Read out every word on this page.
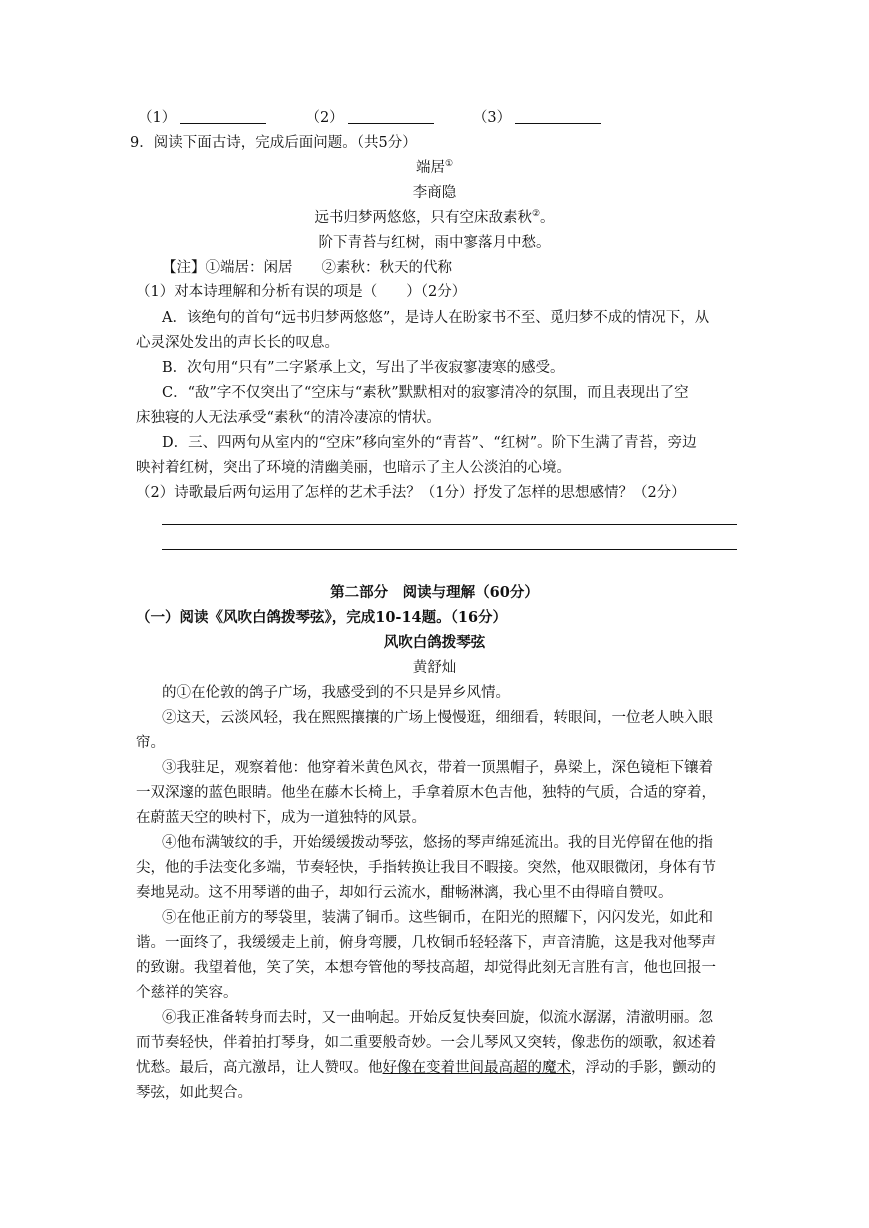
（1）	（2）	（3）
9．阅读下面古诗，完成后面问题。（共5分）
端居①
李商隐
远书归梦两悠悠，只有空床敌素秋②。
阶下青苔与红树，雨中寥落月中愁。
【注】①端居：闲居　　②素秋：秋天的代称
（1）对本诗理解和分析有误的项是（　　）（2分）
A．该绝句的首句“远书归梦两悠悠”，是诗人在盼家书不至、觅归梦不成的情况下，从
心灵深处发出的声长长的叹息。
B．次句用“只有”二字紧承上文，写出了半夜寂寥凄寒的感受。
C．“敌”字不仅突出了“空床与“素秋”默默相对的寂寥清冷的氛围，而且表现出了空
床独寝的人无法承受“素秋“的清冷凄凉的情状。
D．三、四两句从室内的“空床”移向室外的“青苔”、“红树”。阶下生满了青苔，旁边
映衬着红树，突出了环境的清幽美丽，也暗示了主人公淡泊的心境。
（2）诗歌最后两句运用了怎样的艺术手法？（1分）抒发了怎样的思想感情？（2分）
第二部分　阅读与理解（60分）
（一）阅读《风吹白鸽拨琴弦》，完成10-14题。（16分）
风吹白鸽拨琴弦
黄舒灿
的①在伦敦的鸽子广场，我感受到的不只是异乡风情。
②这天，云淡风轻，我在熙熙攘攘的广场上慢慢逛，细细看，转眼间，一位老人映入眼
帘。
③我驻足，观察着他：他穿着米黄色风衣，带着一顶黑帽子，鼻梁上，深色镜柜下镶着
一双深邃的蓝色眼睛。他坐在藤木长椅上，手拿着原木色吉他，独特的气质，合适的穿着，
在蔚蓝天空的映村下，成为一道独特的风景。
④他布满皱纹的手，开始缓缓拨动琴弦，悠扬的琴声绵延流出。我的目光停留在他的指
尖，他的手法变化多端，节奏轻快，手指转换让我目不暇接。突然，他双眼微闭，身体有节
奏地晃动。这不用琴谱的曲子，却如行云流水，酣畅淋漓，我心里不由得暗自赞叹。
⑤在他正前方的琴袋里，装满了铜币。这些铜币，在阳光的照耀下，闪闪发光，如此和
谐。一面终了，我缓缓走上前，俯身弯腰，几枚铜币轻轻落下，声音清脆，这是我对他琴声
的致谢。我望着他，笑了笑，本想夸管他的琴技高超，却觉得此刻无言胜有言，他也回报一
个慈祥的笑容。
⑥我正准备转身而去时，又一曲响起。开始反复快奏回旋，似流水潺潺，清澈明丽。忽
而节奏轻快，伴着拍打琴身，如二重要般奇妙。一会儿琴风又突转，像悲伤的颂歌，叙述着
忧愁。最后，高亢激昂，让人赞叹。他好像在变着世间最高超的魔术，浮动的手影，颤动的
琴弦，如此契合。
